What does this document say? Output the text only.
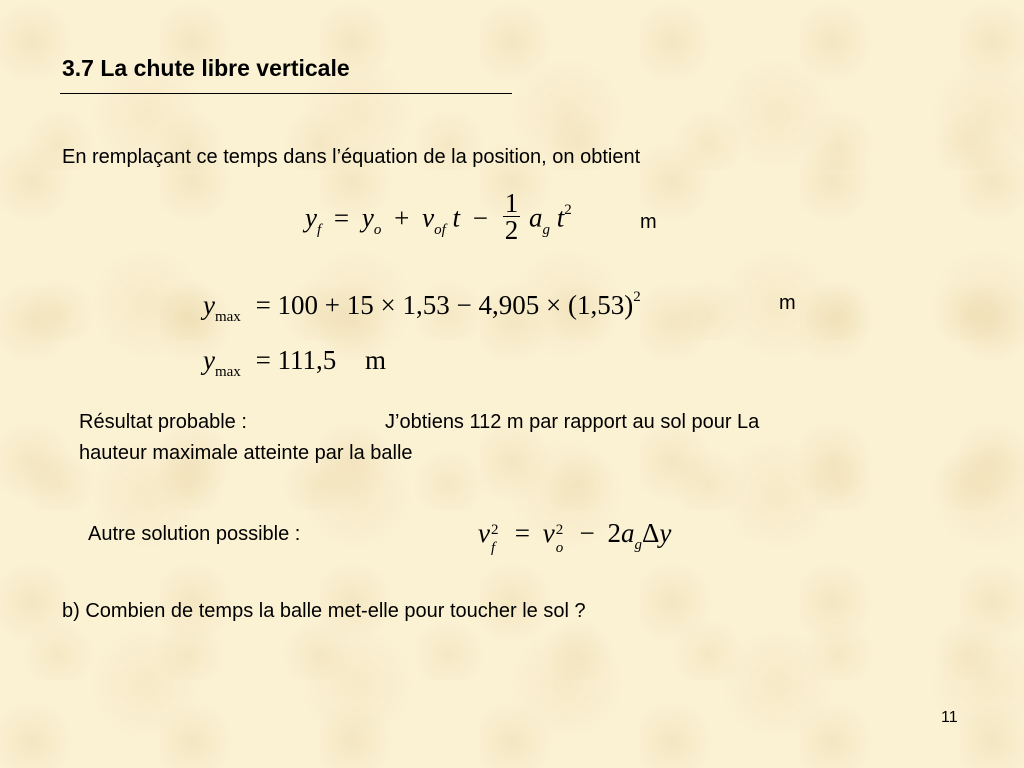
3.7 La chute libre verticale
En remplaçant ce temps dans l’équation de la position, on obtient
$y_f = y_o + v_{of}$ $t - \frac{1}{2} a_g$ $t^2$
m
$y_{max} = 100 + 15 \times 1,53 - 4,905 \times (1,53)^2$	m
$y_{max} = 111,5$ m
Résultat probable :	J’obtiens 112 m par rapport au sol pour La
hauteur maximale atteinte par la balle
Autre solution possible :	v 2
f = v 2
$o - 2a_g\Delta y$
b) Combien de temps la balle met-elle pour toucher le sol ?
11
